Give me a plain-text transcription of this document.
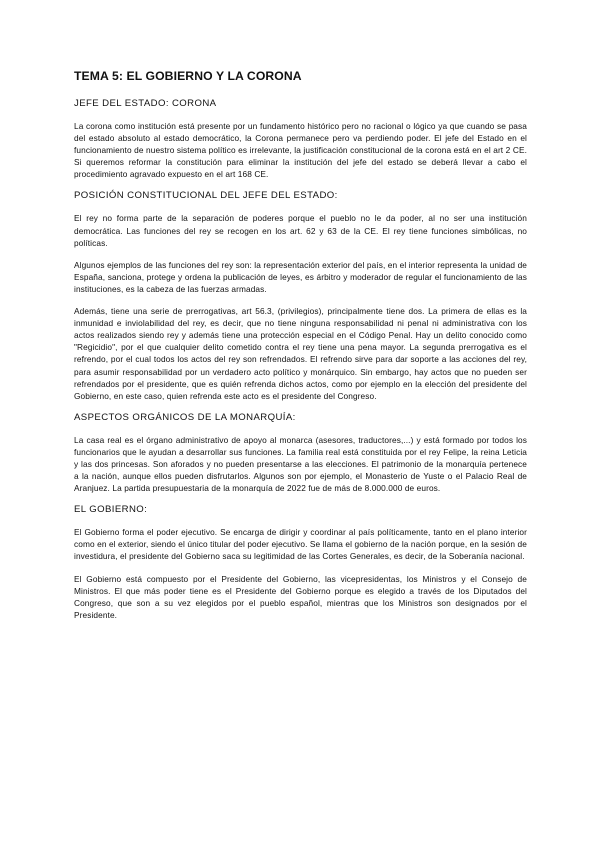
TEMA 5: EL GOBIERNO Y LA CORONA
JEFE DEL ESTADO: CORONA

La corona como institución está presente por un fundamento histórico pero no racional o lógico ya que cuando se pasa del estado absoluto al estado democrático, la Corona permanece pero va perdiendo poder. El jefe del Estado en el funcionamiento de nuestro sistema político es irrelevante, la justificación constitucional de la corona está en el art 2 CE. Si queremos reformar la constitución para eliminar la institución del jefe del estado se deberá llevar a cabo el procedimiento agravado expuesto en el art 168 CE.

POSICIÓN CONSTITUCIONAL DEL JEFE DEL ESTADO:

El rey no forma parte de la separación de poderes porque el pueblo no le da poder, al no ser una institución democrática. Las funciones del rey se recogen en los art. 62 y 63 de la CE. El rey tiene funciones simbólicas, no políticas.

Algunos ejemplos de las funciones del rey son: la representación exterior del país, en el interior representa la unidad de España, sanciona, protege y ordena la publicación de leyes, es árbitro y moderador de regular el funcionamiento de las instituciones, es la cabeza de las fuerzas armadas.

Además, tiene una serie de prerrogativas, art 56.3, (privilegios), principalmente tiene dos. La primera de ellas es la inmunidad e inviolabilidad del rey, es decir, que no tiene ninguna responsabilidad ni penal ni administrativa con los actos realizados siendo rey y además tiene una protección especial en el Código Penal. Hay un delito conocido como "Regicidio", por el que cualquier delito cometido contra el rey tiene una pena mayor. La segunda prerrogativa es el refrendo, por el cual todos los actos del rey son refrendados. El refrendo sirve para dar soporte a las acciones del rey, para asumir responsabilidad por un verdadero acto político y monárquico. Sin embargo, hay actos que no pueden ser refrendados por el presidente, que es quién refrenda dichos actos, como por ejemplo en la elección del presidente del Gobierno, en este caso, quien refrenda este acto es el presidente del Congreso.

ASPECTOS ORGÁNICOS DE LA MONARQUÍA:

La casa real es el órgano administrativo de apoyo al monarca (asesores, traductores,...) y está formado por todos los funcionarios que le ayudan a desarrollar sus funciones. La familia real está constituida por el rey Felipe, la reina Leticia y las dos princesas. Son aforados y no pueden presentarse a las elecciones. El patrimonio de la monarquía pertenece a la nación, aunque ellos pueden disfrutarlos. Algunos son por ejemplo, el Monasterio de Yuste o el Palacio Real de Aranjuez. La partida presupuestaria de la monarquía de 2022 fue de más de 8.000.000 de euros.

EL GOBIERNO:

El Gobierno forma el poder ejecutivo. Se encarga de dirigir y coordinar al país políticamente, tanto en el plano interior como en el exterior, siendo el único titular del poder ejecutivo. Se llama el gobierno de la nación porque, en la sesión de investidura, el presidente del Gobierno saca su legitimidad de las Cortes Generales, es decir, de la Soberanía nacional.

El Gobierno está compuesto por el Presidente del Gobierno, las vicepresidentas, los Ministros y el Consejo de Ministros. El que más poder tiene es el Presidente del Gobierno porque es elegido a través de los Diputados del Congreso, que son a su vez elegidos por el pueblo español, mientras que los Ministros son designados por el Presidente.
